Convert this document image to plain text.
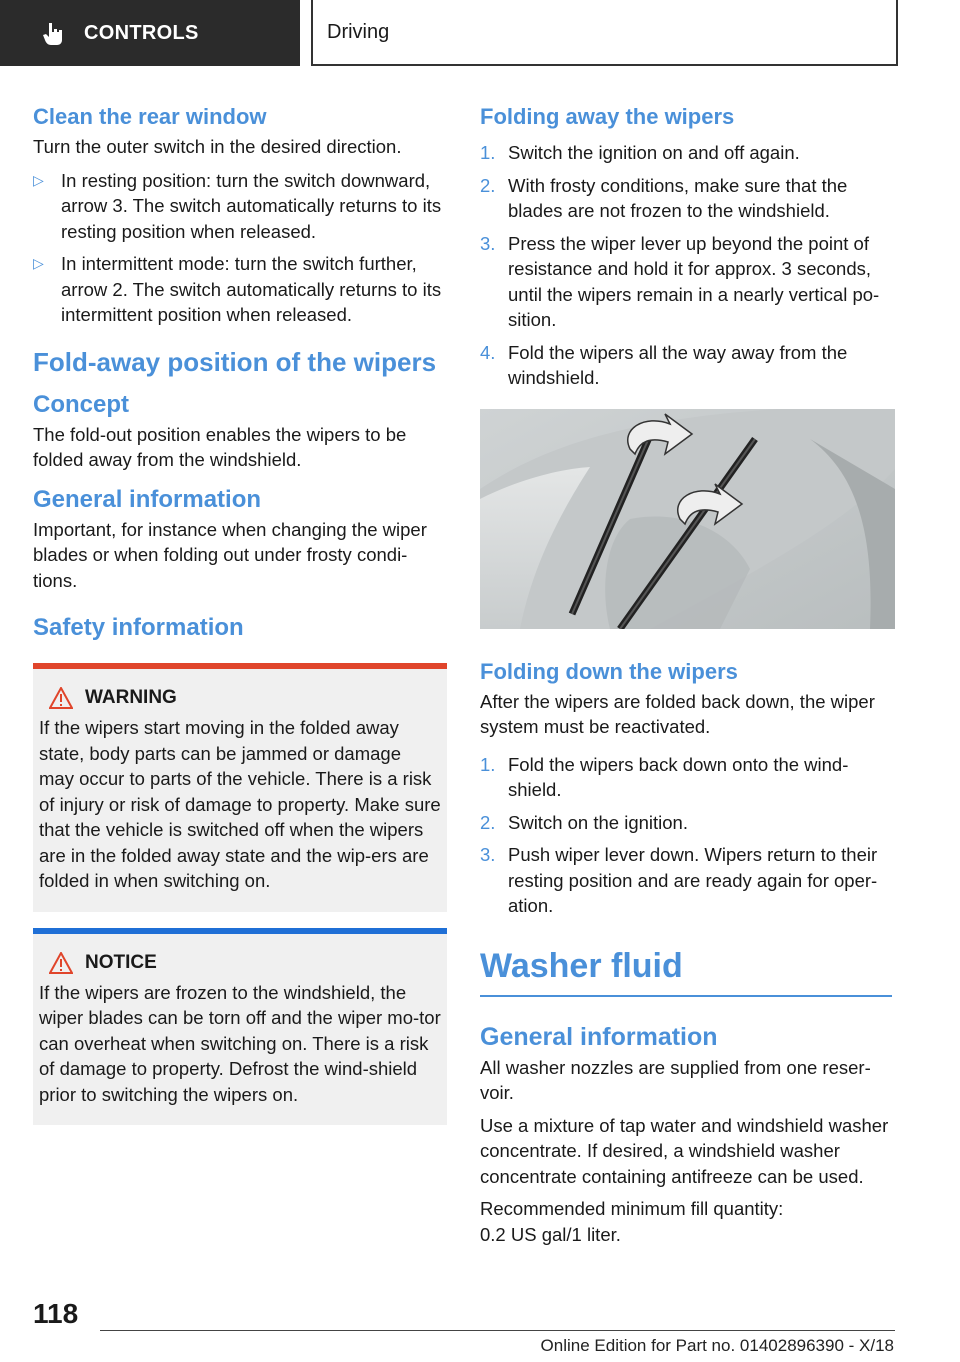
CONTROLS	Driving
Clean the rear window

Turn the outer switch in the desired direction.

▷ In resting position: turn the switch downward, arrow 3. The switch automatically returns to its resting position when released.
▷ In intermittent mode: turn the switch further, arrow 2. The switch automatically returns to its intermittent position when released.
Fold-away position of the wipers
Concept

The fold-out position enables the wipers to be folded away from the windshield.

General information

Important, for instance when changing the wiper blades or when folding out under frosty condi‐tions.

Safety information
WARNING

If the wipers start moving in the folded away state, body parts can be jammed or damage may occur to parts of the vehicle. There is a risk of injury or risk of damage to property. Make sure that the vehicle is switched off when the wipers are in the folded away state and the wip‐ers are folded in when switching on.

NOTICE

If the wipers are frozen to the windshield, the wiper blades can be torn off and the wiper mo‐tor can overheat when switching on. There is a risk of damage to property. Defrost the wind‐shield prior to switching the wipers on.

Folding away the wipers
1. Switch the ignition on and off again.
2. With frosty conditions, make sure that the blades are not frozen to the windshield.
3. Press the wiper lever up beyond the point of resistance and hold it for approx. 3 seconds, until the wipers remain in a nearly vertical po‐sition.
4. Fold the wipers all the way away from the windshield.
Folding down the wipers

After the wipers are folded back down, the wiper system must be reactivated.

1. Fold the wipers back down onto the wind‐shield.
2. Switch on the ignition.
3. Push wiper lever down. Wipers return to their resting position and are ready again for oper‐ation.
Washer fluid
General information

All washer nozzles are supplied from one reser‐voir.

Use a mixture of tap water and windshield washer concentrate. If desired, a windshield washer concentrate containing antifreeze can be used.

Recommended minimum fill quantity:

0.2 US gal/1 liter.

118
Online Edition for Part no. 01402896390 - X/18
